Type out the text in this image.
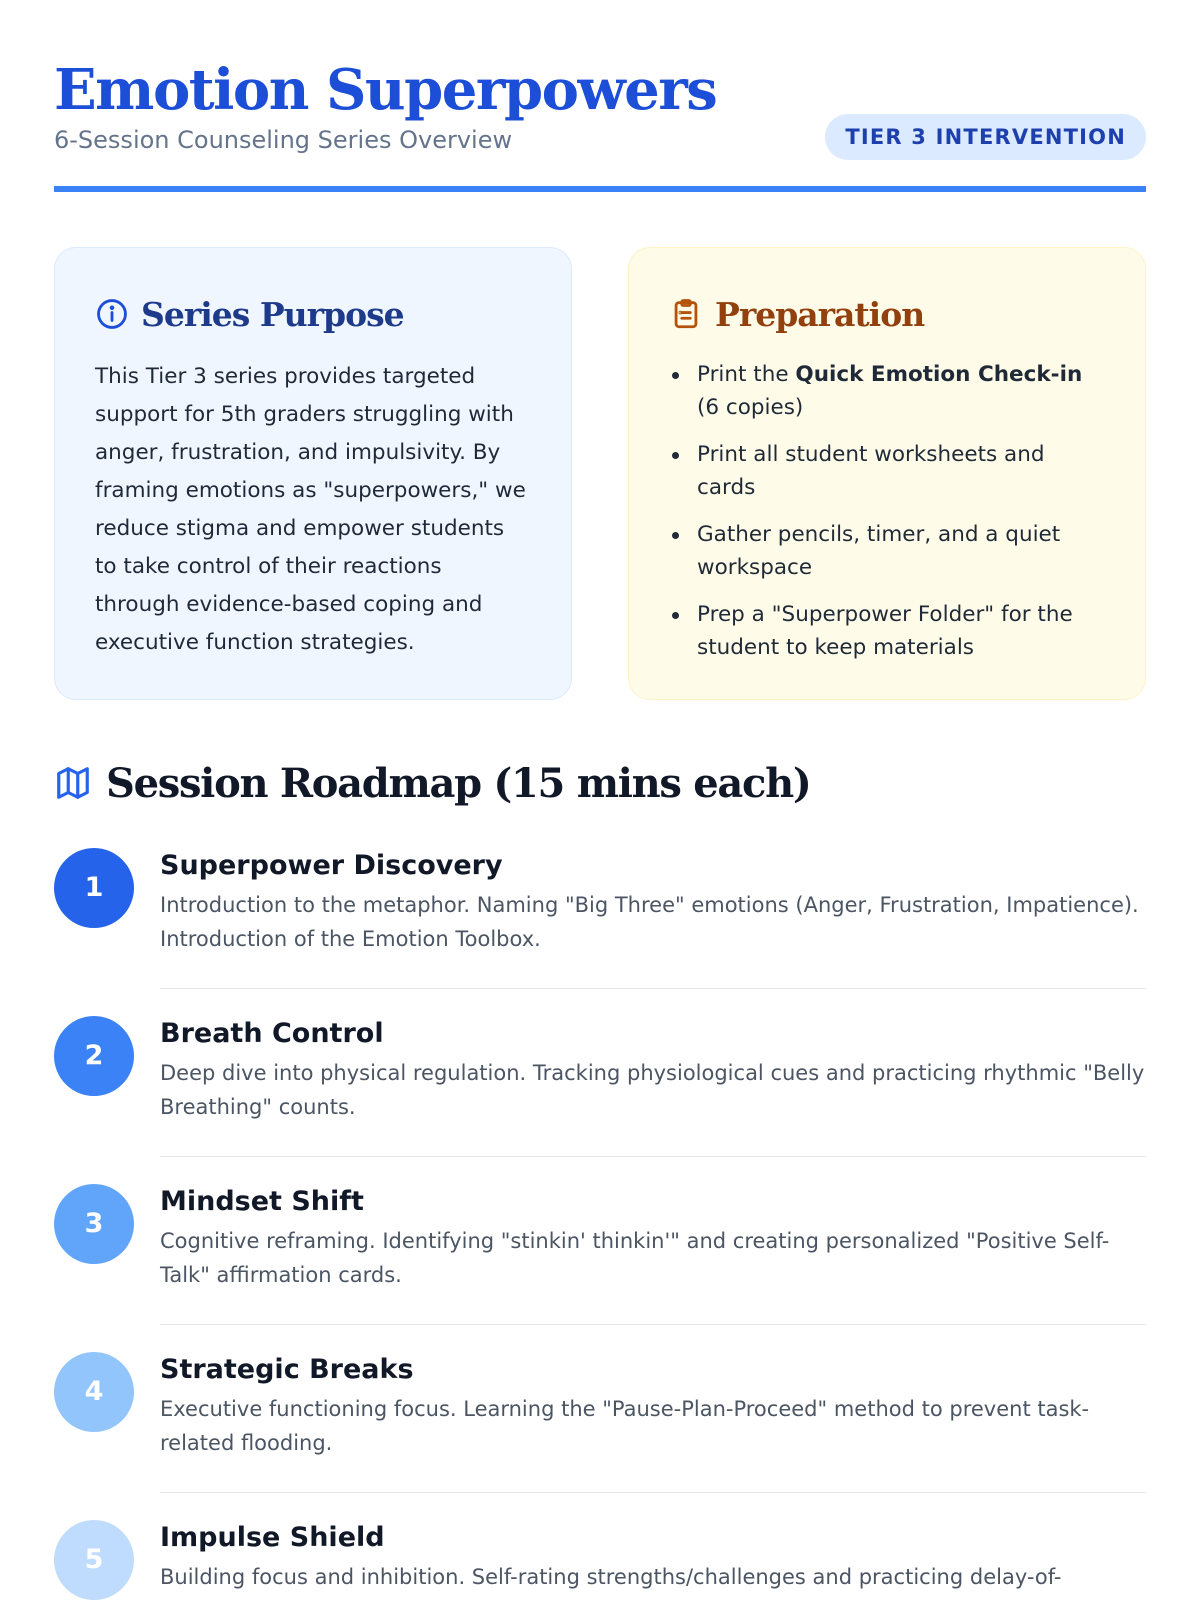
Emotion Superpowers
6-Session Counseling Series Overview	TIER 3 INTERVENTION
Series Purpose

This Tier 3 series provides targeted support for 5th graders struggling with anger, frustration, and impulsivity. By framing emotions as "superpowers," we reduce stigma and empower students to take control of their reactions through evidence-based coping and executive function strategies.

Preparation
Print the Quick Emotion Check-in (6 copies)
Print all student worksheets and cards
Gather pencils, timer, and a quiet workspace
Prep a "Superpower Folder" for the student to keep materials
Session Roadmap (15 mins each)
1
Superpower Discovery
Introduction to the metaphor. Naming "Big Three" emotions (Anger, Frustration, Impatience). Introduction of the Emotion Toolbox.
2
Breath Control
Deep dive into physical regulation. Tracking physiological cues and practicing rhythmic "Belly Breathing" counts.
3
Mindset Shift
Cognitive reframing. Identifying "stinkin' thinkin'" and creating personalized "Positive Self-Talk" affirmation cards.
4
Strategic Breaks
Executive functioning focus. Learning the "Pause-Plan-Proceed" method to prevent task-related flooding.
5
Impulse Shield
Building focus and inhibition. Self-rating strengths/challenges and practicing delay-of-
